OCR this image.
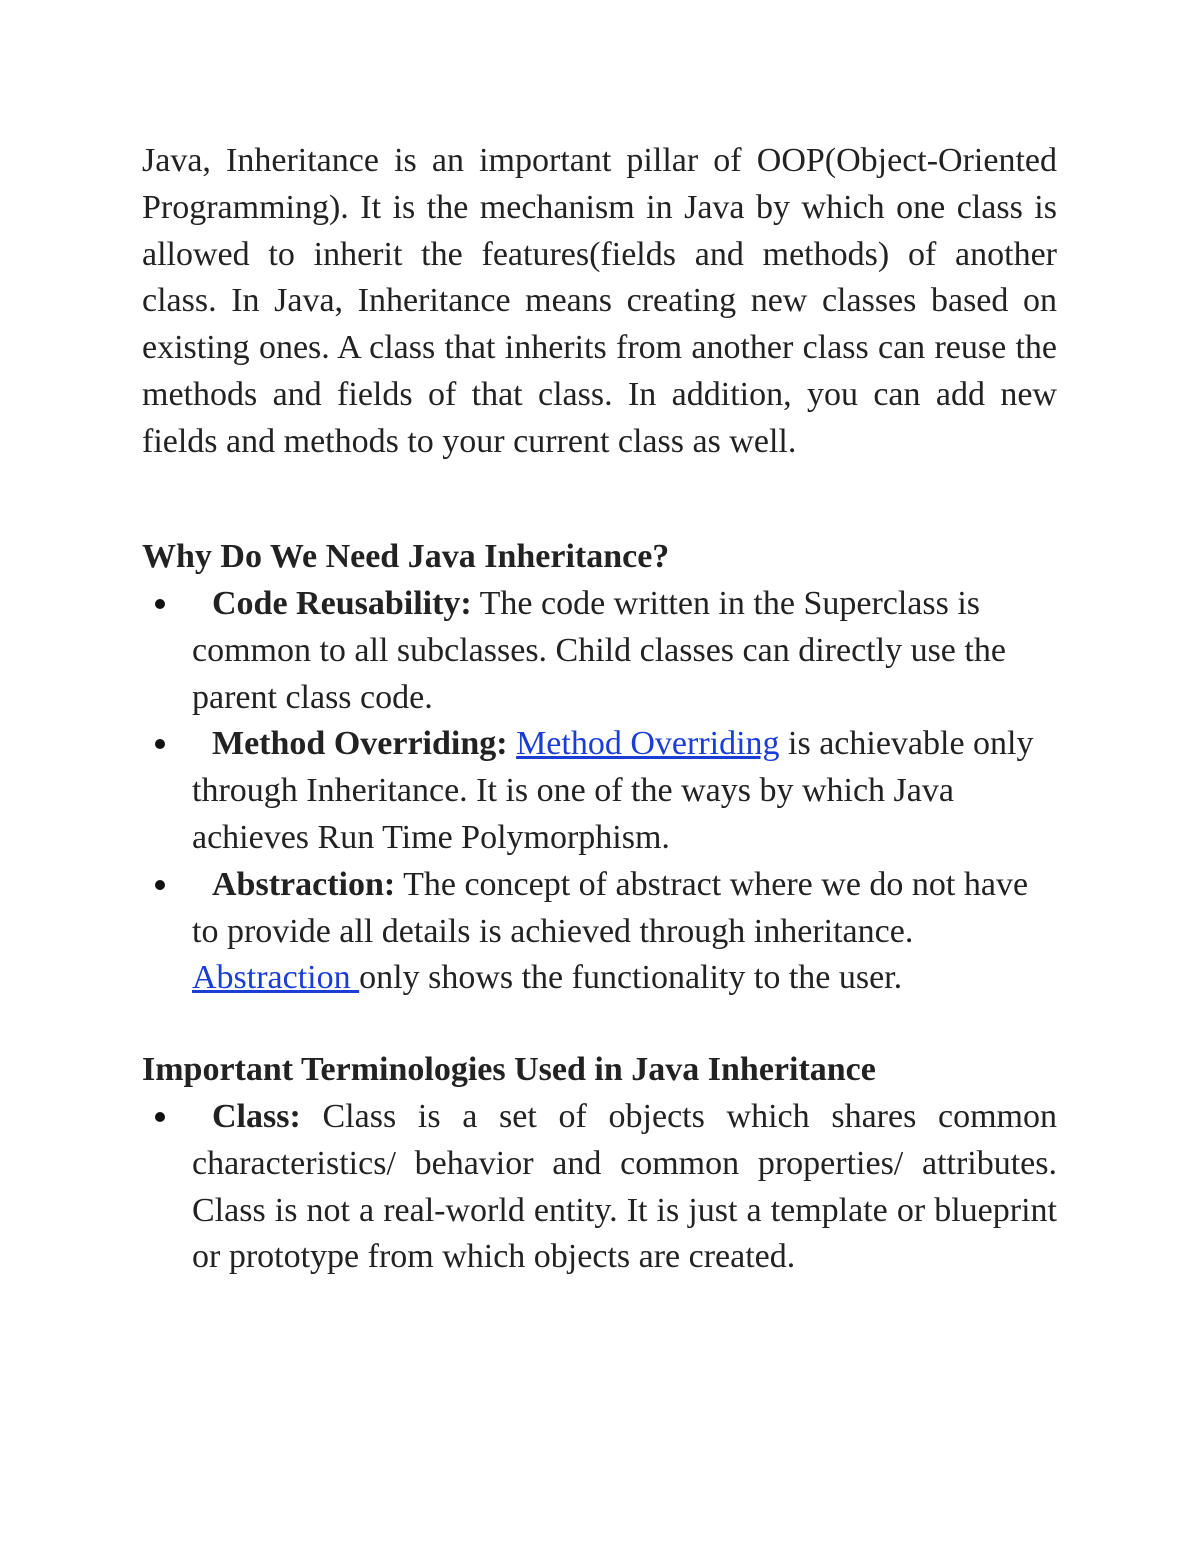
Java, Inheritance is an important pillar of OOP(Object-Oriented Programming). It is the mechanism in Java by which one class is allowed to inherit the features(fields and methods) of another class. In Java, Inheritance means creating new classes based on existing ones. A class that inherits from another class can reuse the methods and fields of that class. In addition, you can add new fields and methods to your current class as well.

Why Do We Need Java Inheritance?
Code Reusability: The code written in the Superclass is common to all subclasses. Child classes can directly use the parent class code.
Method Overriding: Method Overriding is achievable only through Inheritance. It is one of the ways by which Java achieves Run Time Polymorphism.
Abstraction: The concept of abstract where we do not have to provide all details is achieved through inheritance. Abstraction only shows the functionality to the user.
Important Terminologies Used in Java Inheritance
Class: Class is a set of objects which shares common characteristics/ behavior and common properties/ attributes. Class is not a real-world entity. It is just a template or blueprint or prototype from which objects are created.
